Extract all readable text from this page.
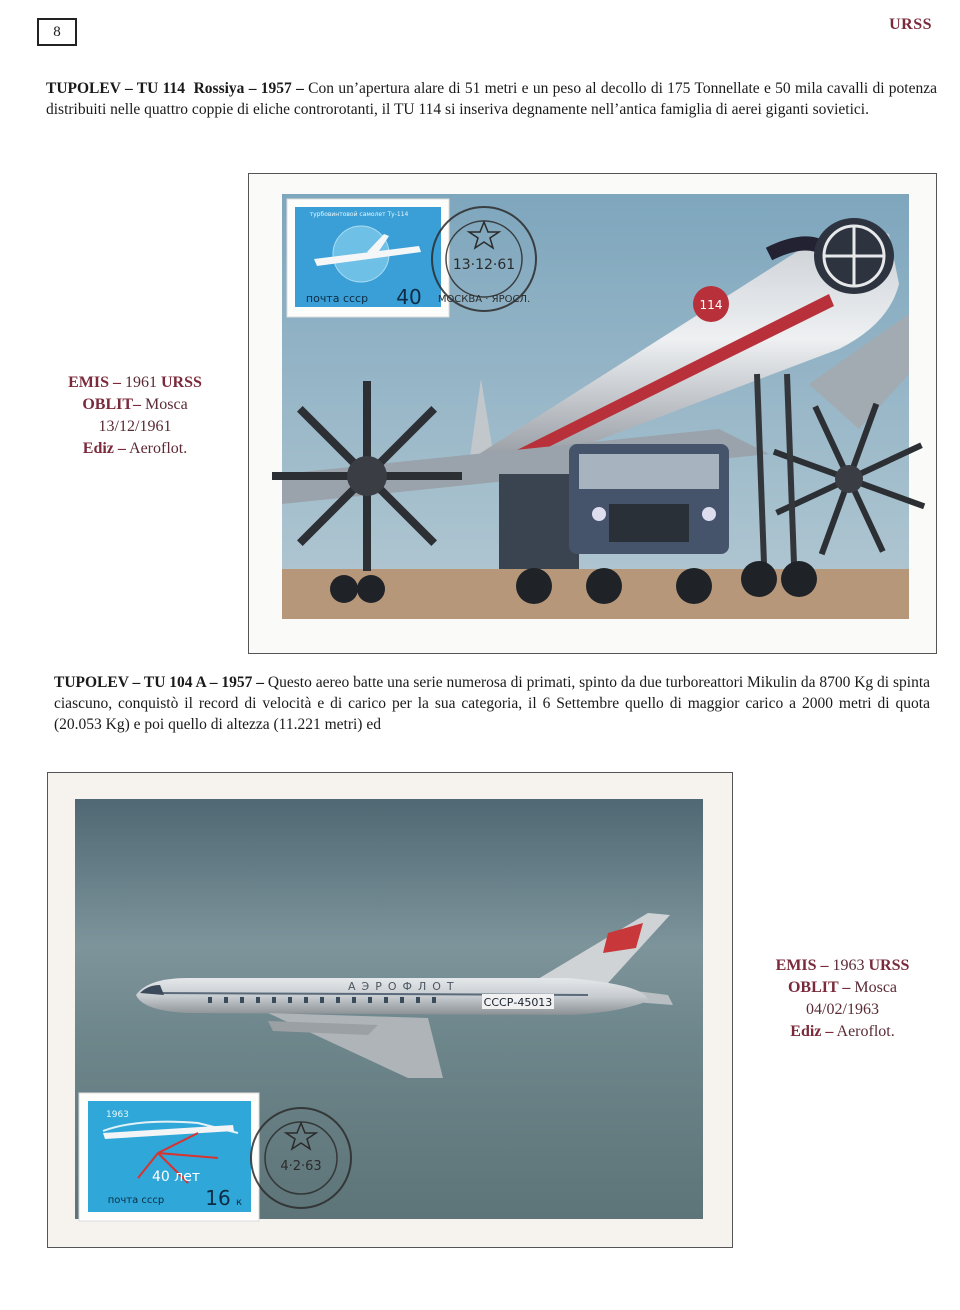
8	URSS
TUPOLEV – TU 114 Rossiya – 1957 – Con un’apertura alare di 51 metri e un peso al decollo di 175 Tonnellate e 50 mila cavalli di potenza distribuiti nelle quattro coppie di eliche controrotanti, il TU 114 si inseriva degnamente nell’antica famiglia di aerei giganti sovietici.
114
турбовинтовой самолет Ту-114
почта ссср 40
13·12·61
МОСКВА · ЯРОСЛ.
EMIS – 1961 URSS
OBLIT– Mosca
13/12/1961
Ediz – Aeroflot.
TUPOLEV – TU 104 A – 1957 – Questo aereo batte una serie numerosa di primati, spinto da due turboreattori Mikulin da 8700 Kg di spinta ciascuno, conquistò il record di velocità e di carico per la sua categoria, il 6 Settembre quello di maggior carico a 2000 metri di quota (20.053 Kg) e poi quello di altezza (11.221 metri) ed
АЭРОФЛОТ
СССР-45013
1963
40 лет
почта ссср 16 к
4·2·63
EMIS – 1963 URSS
OBLIT – Mosca
04/02/1963
Ediz – Aeroflot.
